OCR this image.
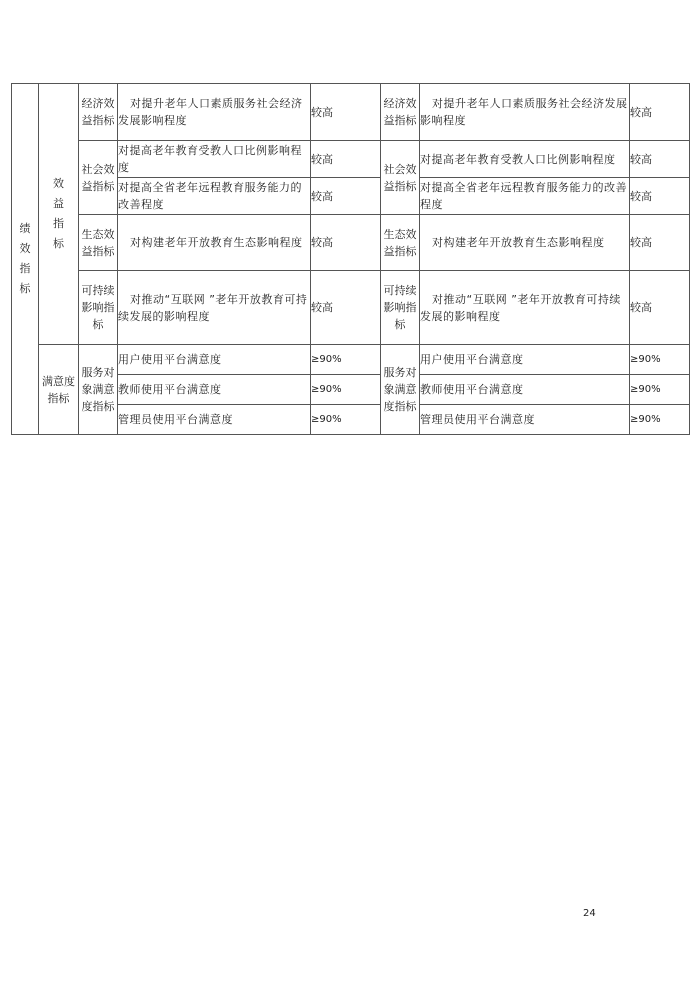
绩效指标	效益指标	经济效益指标	对提升老年人口素质服务社会经济发展影响程度	较高	经济效益指标	对提升老年人口素质服务社会经济发展影响程度	较高
		社会效益指标	对提高老年教育受教人口比例影响程度	较高	社会效益指标	对提高老年教育受教人口比例影响程度	较高
			对提高全省老年远程教育服务能力的改善程度	较高		对提高全省老年远程教育服务能力的改善程度	较高
		生态效益指标	对构建老年开放教育生态影响程度	较高	生态效益指标	对构建老年开放教育生态影响程度	较高
		可持续影响指标	对推动“互联网 ”老年开放教育可持续发展的影响程度	较高	可持续影响指标	对推动“互联网 ”老年开放教育可持续发展的影响程度	较高
	满意度指标	服务对象满意度指标	用户使用平台满意度	≥90%	服务对象满意度指标	用户使用平台满意度	≥90%
			教师使用平台满意度	≥90%		教师使用平台满意度	≥90%
			管理员使用平台满意度	≥90%		管理员使用平台满意度	≥90%
24
